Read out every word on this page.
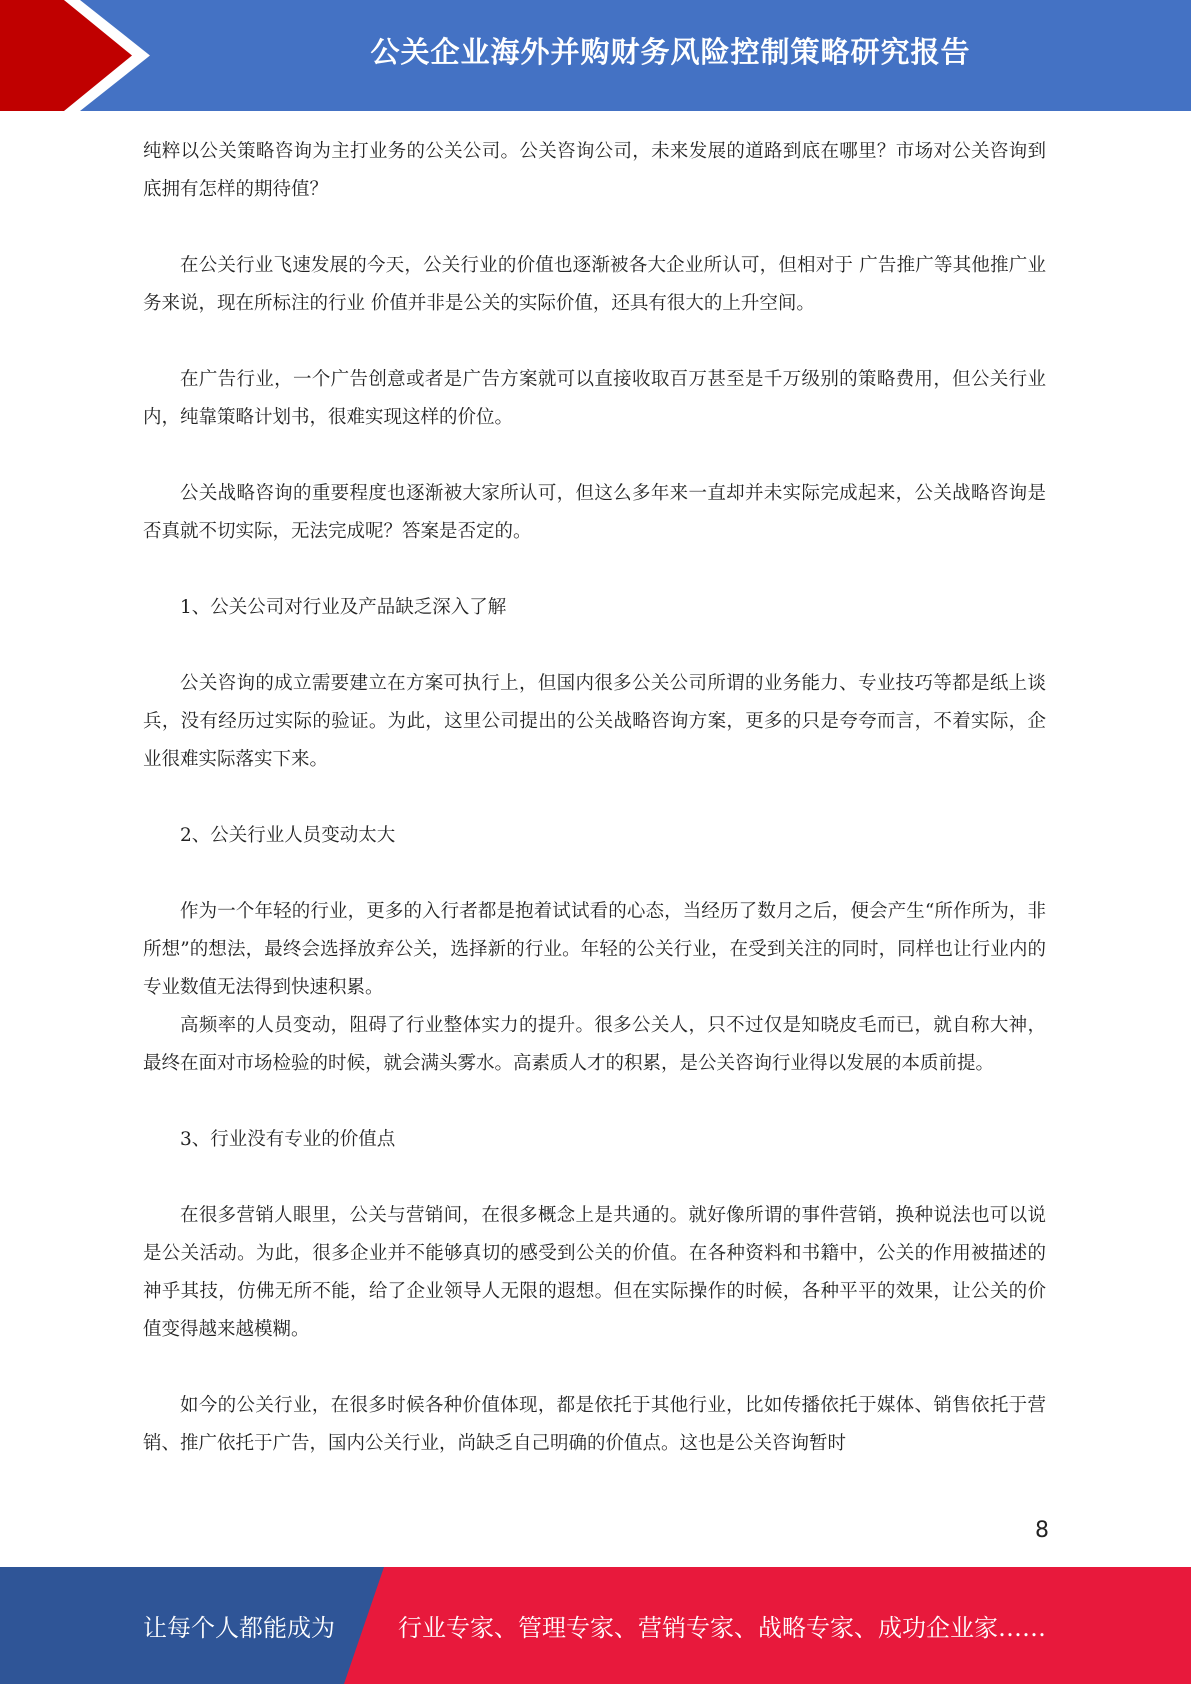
公关企业海外并购财务风险控制策略研究报告

纯粹以公关策略咨询为主打业务的公关公司。公关咨询公司，未来发展的道路到底在哪里？市场对公关咨询到底拥有怎样的期待值？

在公关行业飞速发展的今天，公关行业的价值也逐渐被各大企业所认可，但相对于 广告推广等其他推广业务来说，现在所标注的行业 价值并非是公关的实际价值，还具有很大的上升空间。

在广告行业，一个广告创意或者是广告方案就可以直接收取百万甚至是千万级别的策略费用，但公关行业内，纯靠策略计划书，很难实现这样的价位。

公关战略咨询的重要程度也逐渐被大家所认可，但这么多年来一直却并未实际完成起来，公关战略咨询是否真就不切实际，无法完成呢？答案是否定的。

1、公关公司对行业及产品缺乏深入了解

公关咨询的成立需要建立在方案可执行上，但国内很多公关公司所谓的业务能力、专业技巧等都是纸上谈兵，没有经历过实际的验证。为此，这里公司提出的公关战略咨询方案，更多的只是夸夸而言，不着实际，企业很难实际落实下来。

2、公关行业人员变动太大

作为一个年轻的行业，更多的入行者都是抱着试试看的心态，当经历了数月之后，便会产生“所作所为，非所想”的想法，最终会选择放弃公关，选择新的行业。年轻的公关行业，在受到关注的同时，同样也让行业内的专业数值无法得到快速积累。

高频率的人员变动，阻碍了行业整体实力的提升。很多公关人，只不过仅是知晓皮毛而已，就自称大神，最终在面对市场检验的时候，就会满头雾水。高素质人才的积累，是公关咨询行业得以发展的本质前提。

3、行业没有专业的价值点

在很多营销人眼里，公关与营销间，在很多概念上是共通的。就好像所谓的事件营销，换种说法也可以说是公关活动。为此，很多企业并不能够真切的感受到公关的价值。在各种资料和书籍中，公关的作用被描述的神乎其技，仿佛无所不能，给了企业领导人无限的遐想。但在实际操作的时候，各种平平的效果，让公关的价值变得越来越模糊。

如今的公关行业，在很多时候各种价值体现，都是依托于其他行业，比如传播依托于媒体、销售依托于营销、推广依托于广告，国内公关行业，尚缺乏自己明确的价值点。这也是公关咨询暂时

8
让每个人都能成为	行业专家、管理专家、营销专家、战略专家、成功企业家……
